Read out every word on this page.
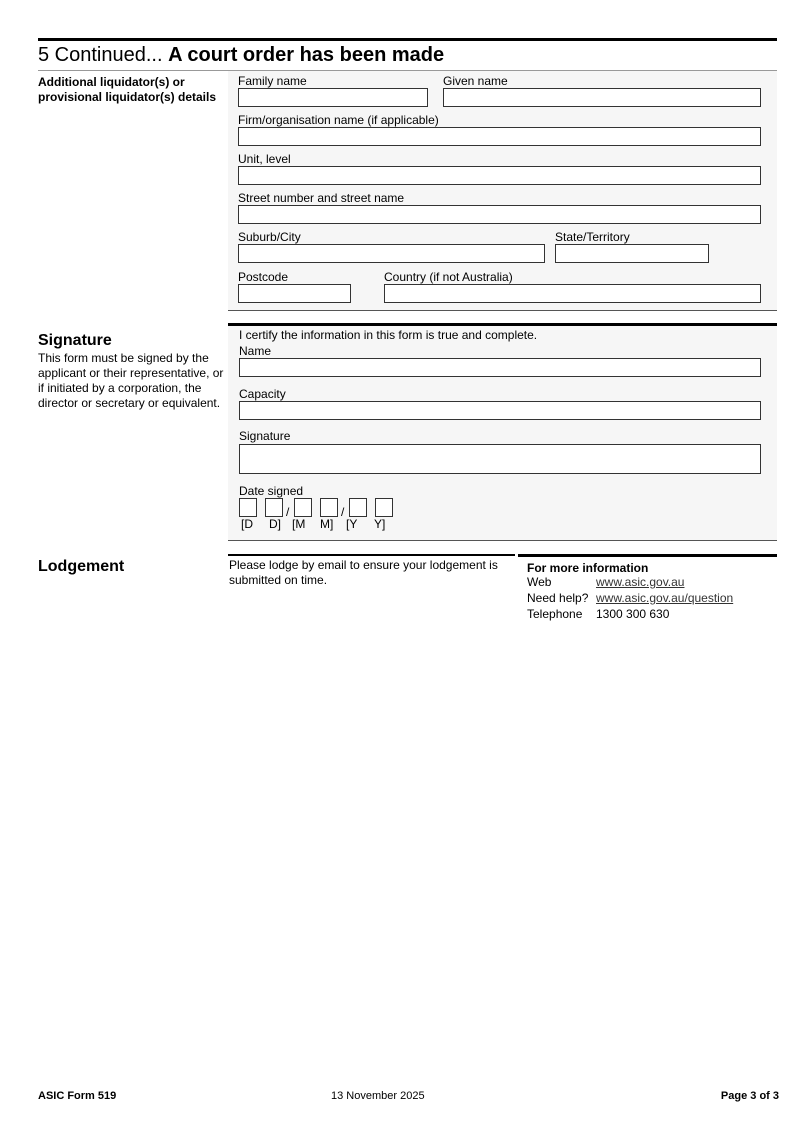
5 Continued... A court order has been made
Additional liquidator(s) or provisional liquidator(s) details
Family name	Given name
Firm/organisation name (if applicable)
Unit, level
Street number and street name
Suburb/City	State/Territory
Postcode	Country (if not Australia)
Signature
This form must be signed by the applicant or their representative, or if initiated by a corporation, the director or secretary or equivalent.
I certify the information in this form is true and complete.
Name
Capacity
Signature
Date signed
/	/
[D D] [M M] [Y Y]
Lodgement	Please lodge by email to ensure your lodgement is submitted on time.
For more information
Web	www.asic.gov.au
Need help? www.asic.gov.au/question
Telephone 1300 300 630
ASIC Form 519	13 November 2025	Page 3 of 3
